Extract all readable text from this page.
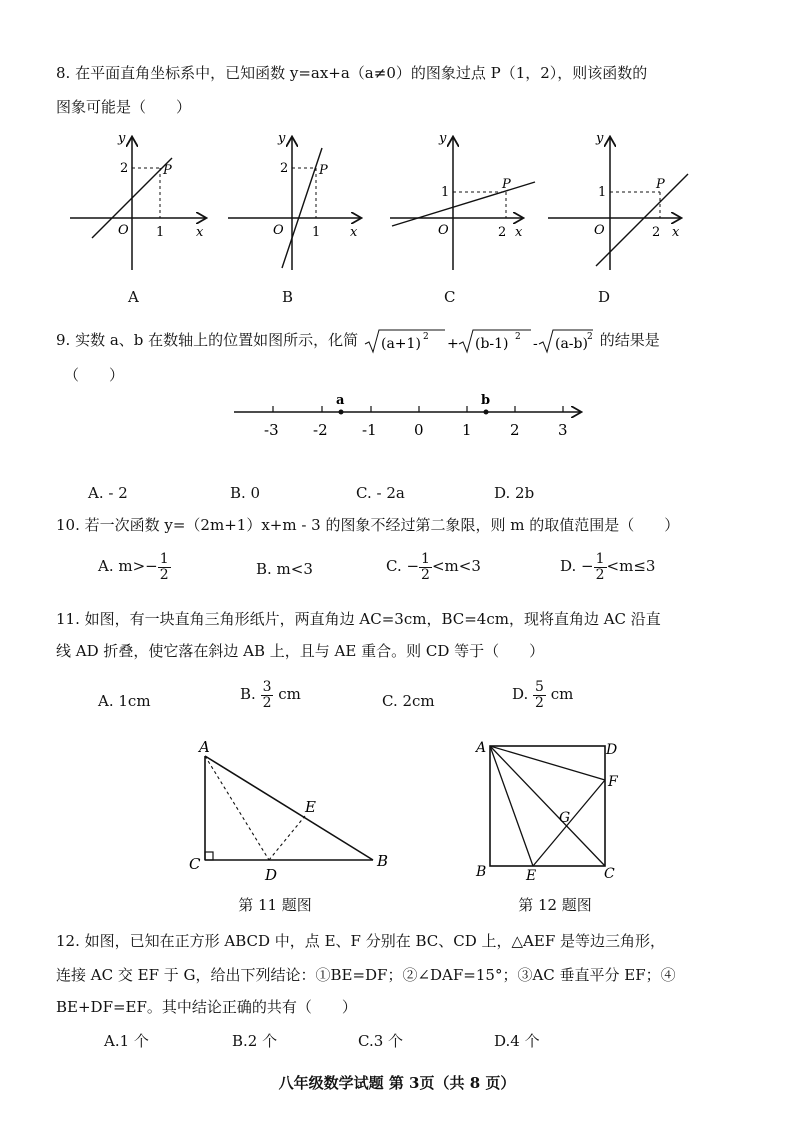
8. 在平面直角坐标系中，已知函数 y=ax+a（a≠0）的图象过点 P（1，2），则该函数的
图象可能是（　　）
y
x
O
2
1
P
y
x
O
2
1
P
y
x
O
1
2
P
y
x
O
1
2
P
A	B	C	D
9. 实数 a、b 在数轴上的位置如图所示，化简 (a+1) 2 + (b-1) 2 - (a-b) 2 的结果是
（　　）
a	b
-3 -2 -1 0	1	2	3
A. - 2	B. 0	C. - 2a	D. 2b
10. 若一次函数 y=（2m+1）x+m - 3 的图象不经过第二象限，则 m 的取值范围是（　　）
A. $m>- \frac{1}{2}$	B. m<3	C. − $\frac{1}{2} <m<3$	D. − $\frac{1}{2} <m\le 3$
11. 如图，有一块直角三角形纸片，两直角边 AC=3cm，BC=4cm，现将直角边 AC 沿直
线 AD 折叠，使它落在斜边 AB 上，且与 AE 重合。则 CD 等于（　　）
A. 1cm	B. $\frac{3}{2}$ cm	C. 2cm	D. $\frac{5}{2}$ cm
A
C	B
D
E
第 11 题图
A	D
F
G
B	E	C
第 12 题图
12. 如图，已知在正方形 ABCD 中，点 E、F 分别在 BC、CD 上，△AEF 是等边三角形，
连接 AC 交 EF 于 G，给出下列结论：①BE=DF；②∠DAF=15°；③AC 垂直平分 EF；④
BE+DF=EF。其中结论正确的共有（　　）
A.1 个	B.2 个	C.3 个	D.4 个
八年级数学试题 第 3页（共 8 页）
